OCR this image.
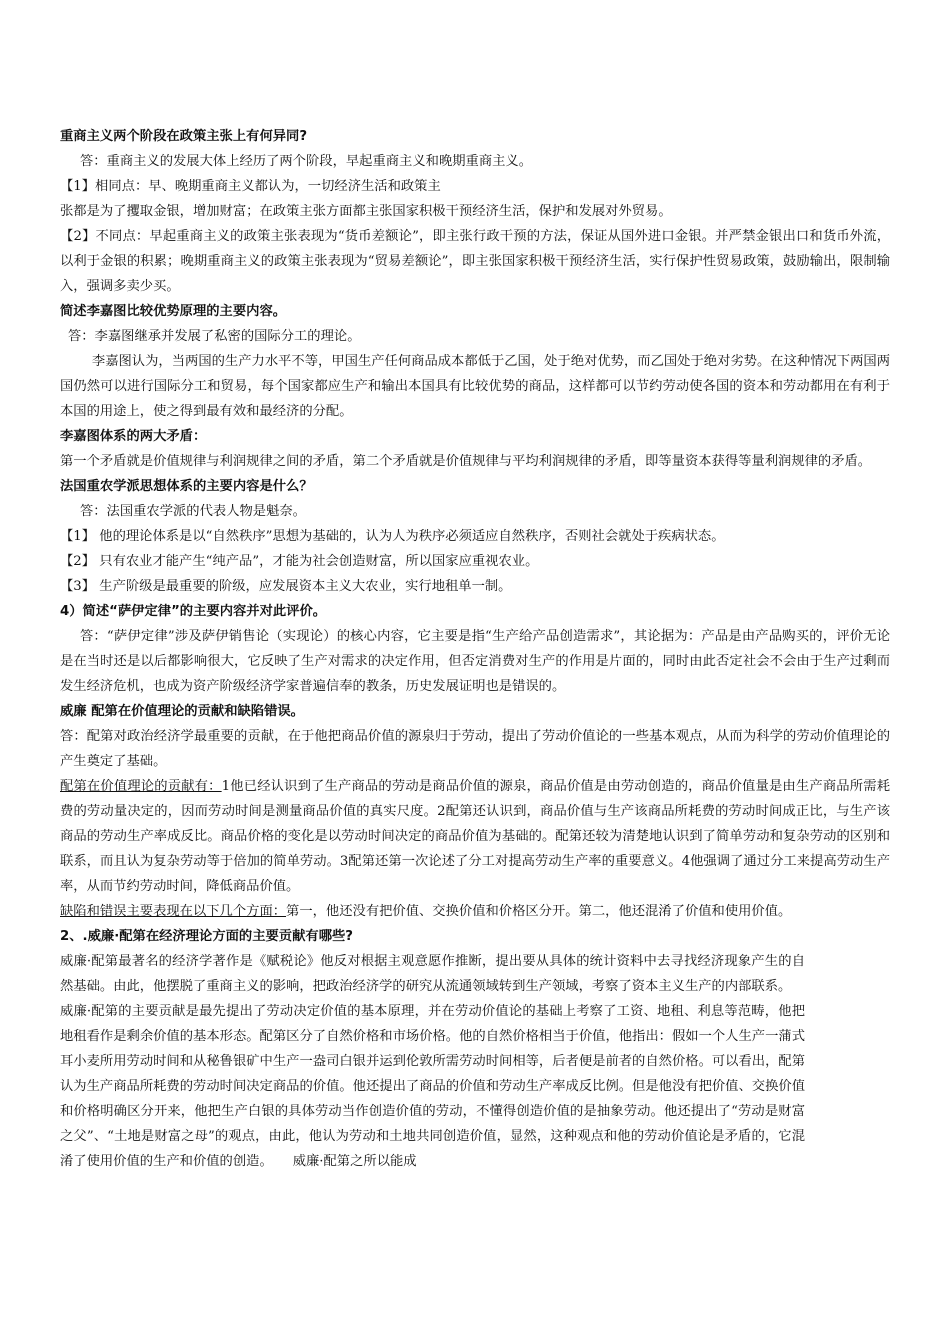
重商主义两个阶段在政策主张上有何异同?

答：重商主义的发展大体上经历了两个阶段，早起重商主义和晚期重商主义。

【1】相同点：早、晚期重商主义都认为，一切经济生活和政策主

张都是为了攫取金银，增加财富；在政策主张方面都主张国家积极干预经济生活，保护和发展对外贸易。

【2】不同点：早起重商主义的政策主张表现为“货币差额论”，即主张行政干预的方法，保证从国外进口金银。并严禁金银出口和货币外流，以利于金银的积累；晚期重商主义的政策主张表现为“贸易差额论”，即主张国家积极干预经济生活，实行保护性贸易政策，鼓励输出，限制输入，强调多卖少买。

简述李嘉图比较优势原理的主要内容。

答：李嘉图继承并发展了私密的国际分工的理论。

李嘉图认为，当两国的生产力水平不等，甲国生产任何商品成本都低于乙国，处于绝对优势，而乙国处于绝对劣势。在这种情况下两国两国仍然可以进行国际分工和贸易，每个国家都应生产和输出本国具有比较优势的商品，这样都可以节约劳动使各国的资本和劳动都用在有利于本国的用途上，使之得到最有效和最经济的分配。

李嘉图体系的两大矛盾：

第一个矛盾就是价值规律与利润规律之间的矛盾，第二个矛盾就是价值规律与平均利润规律的矛盾，即等量资本获得等量利润规律的矛盾。

法国重农学派思想体系的主要内容是什么？

答：法国重农学派的代表人物是魁奈。

【1】 他的理论体系是以“自然秩序”思想为基础的，认为人为秩序必须适应自然秩序，否则社会就处于疾病状态。

【2】 只有农业才能产生“纯产品”，才能为社会创造财富，所以国家应重视农业。

【3】 生产阶级是最重要的阶级，应发展资本主义大农业，实行地租单一制。

4）简述“萨伊定律”的主要内容并对此评价。

答：“萨伊定律”涉及萨伊销售论（实现论）的核心内容，它主要是指“生产给产品创造需求”，其论据为：产品是由产品购买的，评价无论是在当时还是以后都影响很大，它反映了生产对需求的决定作用，但否定消费对生产的作用是片面的，同时由此否定社会不会由于生产过剩而发生经济危机，也成为资产阶级经济学家普遍信奉的教条，历史发展证明也是错误的。

威廉 配第在价值理论的贡献和缺陷错误。

答：配第对政治经济学最重要的贡献，在于他把商品价值的源泉归于劳动，提出了劳动价值论的一些基本观点，从而为科学的劳动价值理论的产生奠定了基础。

配第在价值理论的贡献有：1他已经认识到了生产商品的劳动是商品价值的源泉，商品价值是由劳动创造的，商品价值量是由生产商品所需耗费的劳动量决定的，因而劳动时间是测量商品价值的真实尺度。2配第还认识到，商品价值与生产该商品所耗费的劳动时间成正比，与生产该商品的劳动生产率成反比。商品价格的变化是以劳动时间决定的商品价值为基础的。配第还较为清楚地认识到了简单劳动和复杂劳动的区别和联系，而且认为复杂劳动等于倍加的简单劳动。3配第还第一次论述了分工对提高劳动生产率的重要意义。4他强调了通过分工来提高劳动生产率，从而节约劳动时间，降低商品价值。

缺陷和错误主要表现在以下几个方面：第一，他还没有把价值、交换价值和价格区分开。第二，他还混淆了价值和使用价值。

2、.威廉·配第在经济理论方面的主要贡献有哪些?

威廉·配第最著名的经济学著作是《赋税论》他反对根据主观意愿作推断，提出要从具体的统计资料中去寻找经济现象产生的自然基础。由此，他摆脱了重商主义的影响，把政治经济学的研究从流通领域转到生产领域，考察了资本主义生产的内部联系。

威廉·配第的主要贡献是最先提出了劳动决定价值的基本原理，并在劳动价值论的基础上考察了工资、地租、利息等范畴，他把地租看作是剩余价值的基本形态。配第区分了自然价格和市场价格。他的自然价格相当于价值，他指出：假如一个人生产一蒲式耳小麦所用劳动时间和从秘鲁银矿中生产一盎司白银并运到伦敦所需劳动时间相等，后者便是前者的自然价格。可以看出，配第认为生产商品所耗费的劳动时间决定商品的价值。他还提出了商品的价值和劳动生产率成反比例。但是他没有把价值、交换价值和价格明确区分开来，他把生产白银的具体劳动当作创造价值的劳动，不懂得创造价值的是抽象劳动。他还提出了“劳动是财富之父”、“土地是财富之母”的观点，由此，他认为劳动和土地共同创造价值，显然，这种观点和他的劳动价值论是矛盾的，它混淆了使用价值的生产和价值的创造。　　威廉·配第之所以能成
